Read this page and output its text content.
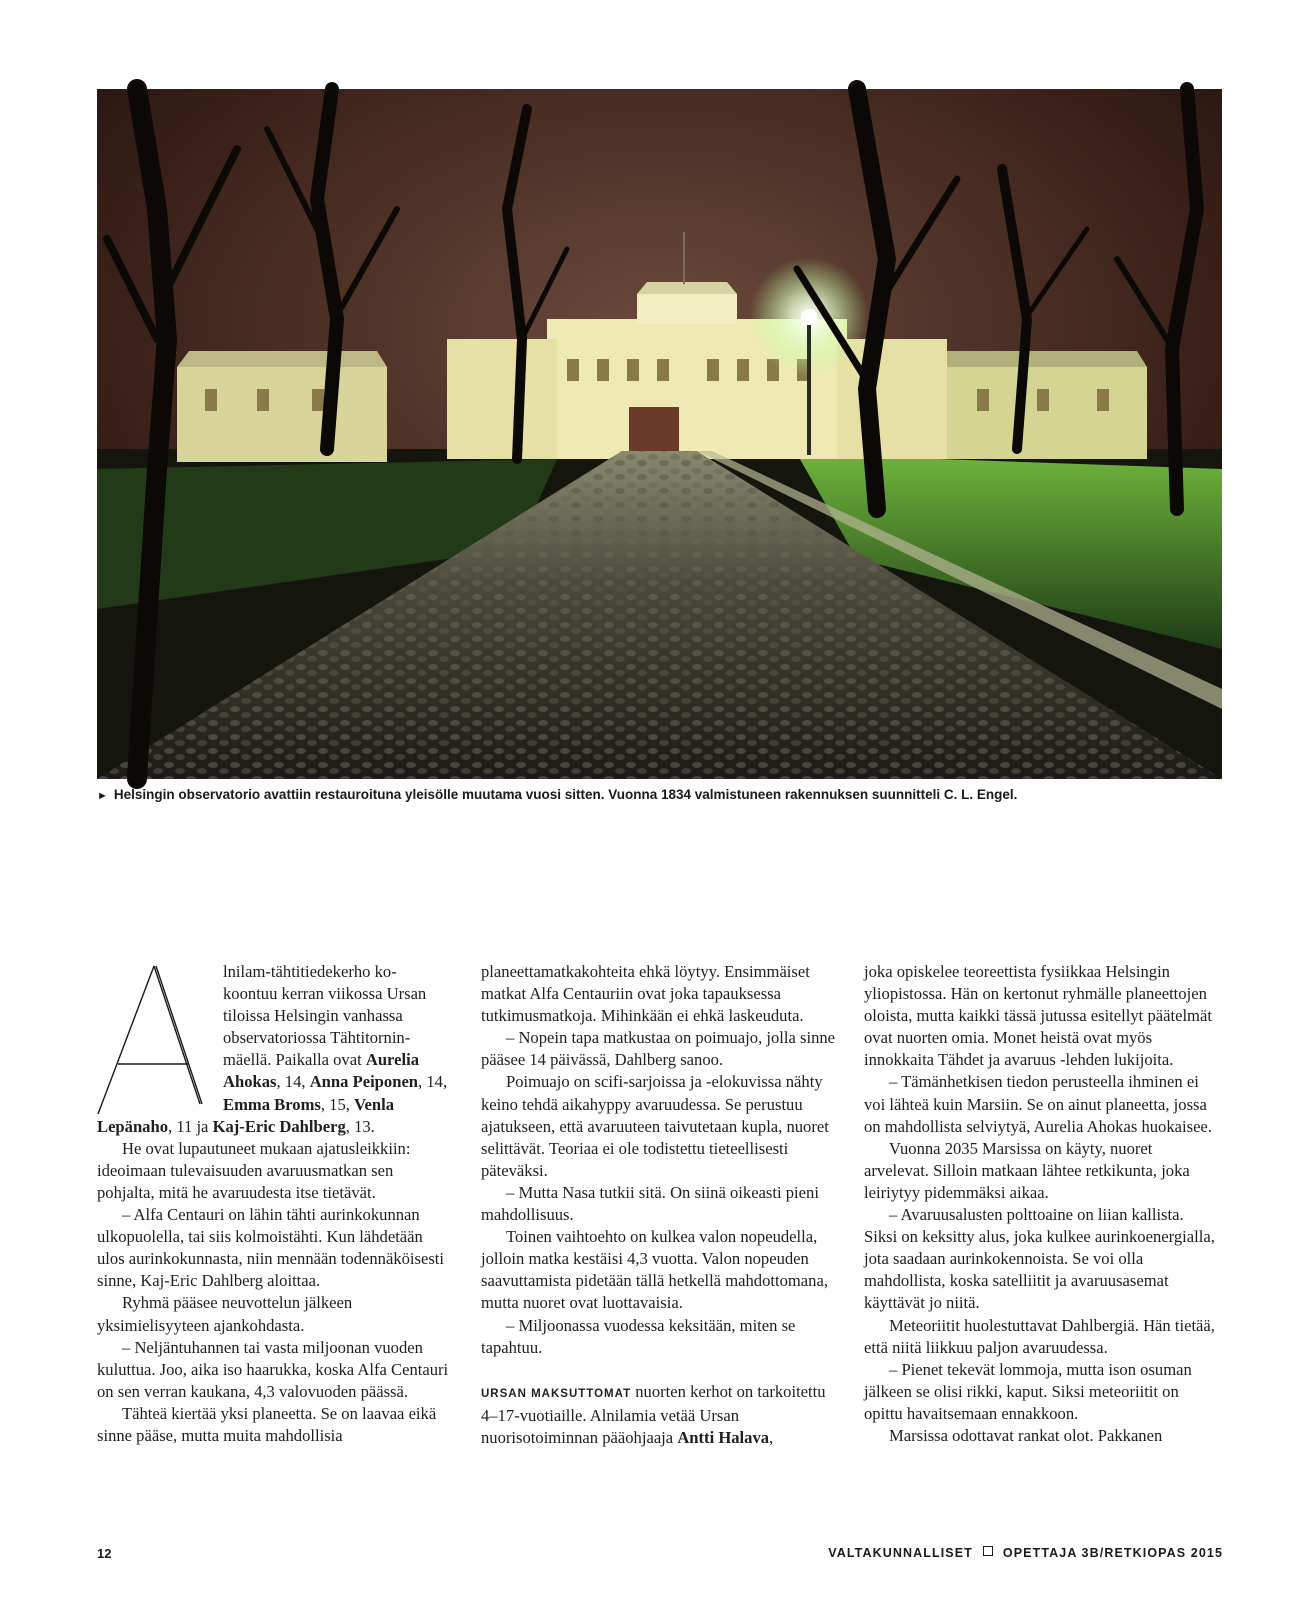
► Helsingin observatorio avattiin restauroituna yleisölle muutama vuosi sitten. Vuonna 1834 valmistuneen rakennuksen suunnitteli C. L. Engel.
A

lnilam-tähtitiedekerho ko- koontuu kerran viikossa Ursan tiloissa Helsingin vanhassa observatoriossa Tähtitornin- mäellä. Paikalla ovat Aurelia Ahokas, 14, Anna Peiponen, 14, Emma Broms, 15, Venla

Lepänaho, 11 ja Kaj-Eric Dahlberg, 13.

He ovat lupautuneet mukaan ajatusleikkiin: ideoimaan tulevaisuuden avaruusmatkan sen pohjalta, mitä he avaruudesta itse tietävät.

– Alfa Centauri on lähin tähti aurinkokunnan ulkopuolella, tai siis kolmoistähti. Kun lähdetään ulos aurinkokunnasta, niin mennään todennäköisesti sinne, Kaj-Eric Dahlberg aloittaa.

Ryhmä pääsee neuvottelun jälkeen yksimielisyyteen ajankohdasta.

– Neljäntuhannen tai vasta miljoonan vuoden kuluttua. Joo, aika iso haarukka, koska Alfa Centauri on sen verran kaukana, 4,3 valovuoden päässä.

Tähteä kiertää yksi planeetta. Se on laavaa eikä sinne pääse, mutta muita mahdollisia

planeettamatkakohteita ehkä löytyy. Ensimmäiset matkat Alfa Centauriin ovat joka tapauksessa tutkimusmatkoja. Mihinkään ei ehkä laskeuduta.

– Nopein tapa matkustaa on poimuajo, jolla sinne pääsee 14 päivässä, Dahlberg sanoo.

Poimuajo on scifi-sarjoissa ja -elokuvissa nähty keino tehdä aikahyppy avaruudessa. Se perustuu ajatukseen, että avaruuteen taivutetaan kupla, nuoret selittävät. Teoriaa ei ole todistettu tieteellisesti päteväksi.

– Mutta Nasa tutkii sitä. On siinä oikeasti pieni mahdollisuus.

Toinen vaihtoehto on kulkea valon nopeudella, jolloin matka kestäisi 4,3 vuotta. Valon nopeuden saavuttamista pidetään tällä hetkellä mahdottomana, mutta nuoret ovat luottavaisia.

– Miljoonassa vuodessa keksitään, miten se tapahtuu.

URSAN MAKSUTTOMAT nuorten kerhot on tarkoitettu 4–17-vuotiaille. Alnilamia vetää Ursan nuorisotoiminnan pääohjaaja Antti Halava,

joka opiskelee teoreettista fysiikkaa Helsingin yliopistossa. Hän on kertonut ryhmälle planeettojen oloista, mutta kaikki tässä jutussa esitellyt päätelmät ovat nuorten omia. Monet heistä ovat myös innokkaita Tähdet ja avaruus -lehden lukijoita.

– Tämänhetkisen tiedon perusteella ihminen ei voi lähteä kuin Marsiin. Se on ainut planeetta, jossa on mahdollista selviytyä, Aurelia Ahokas huokaisee.

Vuonna 2035 Marsissa on käyty, nuoret arvelevat. Silloin matkaan lähtee retkikunta, joka leiriytyy pidemmäksi aikaa.

– Avaruusalusten polttoaine on liian kallista. Siksi on keksitty alus, joka kulkee aurinkoenergialla, jota saadaan aurinkokennoista. Se voi olla mahdollista, koska satelliitit ja avaruusasemat käyttävät jo niitä.

Meteoriitit huolestuttavat Dahlbergiä. Hän tietää, että niitä liikkuu paljon avaruudessa.

– Pienet tekevät lommoja, mutta ison osuman jälkeen se olisi rikki, kaput. Siksi meteoriitit on opittu havaitsemaan ennakkoon.

Marsissa odottavat rankat olot. Pakkanen

12	VALTAKUNNALLISET OPETTAJA 3B/RETKIOPAS 2015
